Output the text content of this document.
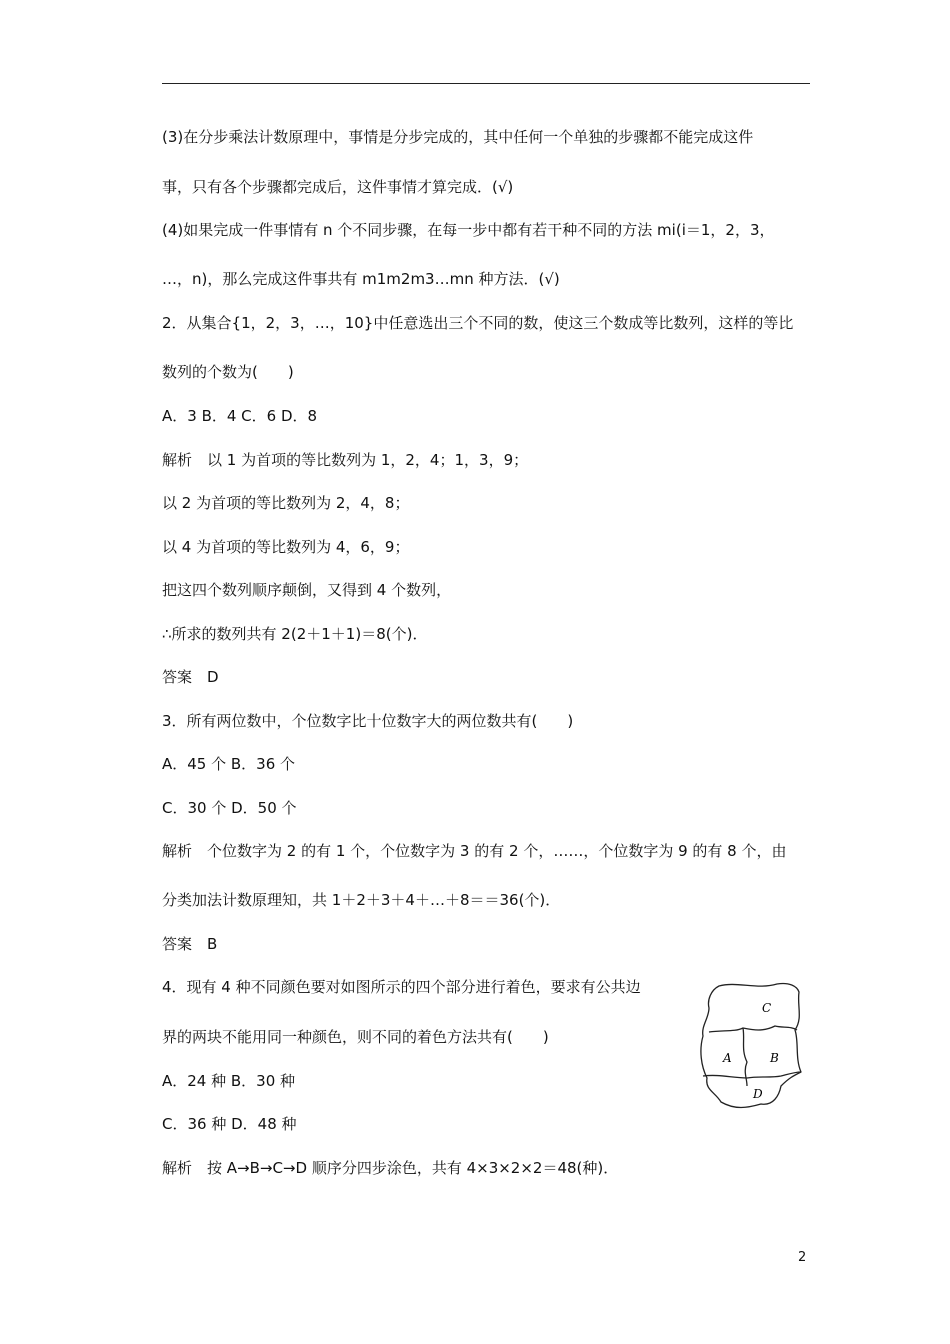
(3)在分步乘法计数原理中，事情是分步完成的，其中任何一个单独的步骤都不能完成这件
事，只有各个步骤都完成后，这件事情才算完成．(√)
(4)如果完成一件事情有 n 个不同步骤，在每一步中都有若干种不同的方法 mi(i＝1，2，3，
…，n)，那么完成这件事共有 m1m2m3…mn 种方法．(√)
2．从集合{1，2，3，…，10}中任意选出三个不同的数，使这三个数成等比数列，这样的等比
数列的个数为(　　)
A．3 B．4 C．6 D．8
解析　以 1 为首项的等比数列为 1，2，4；1，3，9；
以 2 为首项的等比数列为 2，4，8；
以 4 为首项的等比数列为 4，6，9；
把这四个数列顺序颠倒，又得到 4 个数列，
∴所求的数列共有 2(2＋1＋1)＝8(个)．
答案　D
3．所有两位数中，个位数字比十位数字大的两位数共有(　　)
A．45 个 B．36 个
C．30 个 D．50 个
解析　个位数字为 2 的有 1 个，个位数字为 3 的有 2 个，……，个位数字为 9 的有 8 个，由
分类加法计数原理知，共 1＋2＋3＋4＋…＋8＝＝36(个)．
答案　B
4．现有 4 种不同颜色要对如图所示的四个部分进行着色，要求有公共边
界的两块不能用同一种颜色，则不同的着色方法共有(　　)
A．24 种 B．30 种
C．36 种 D．48 种
解析　按 A→B→C→D 顺序分四步涂色，共有 4×3×2×2＝48(种)．
C
A	B
D
2
